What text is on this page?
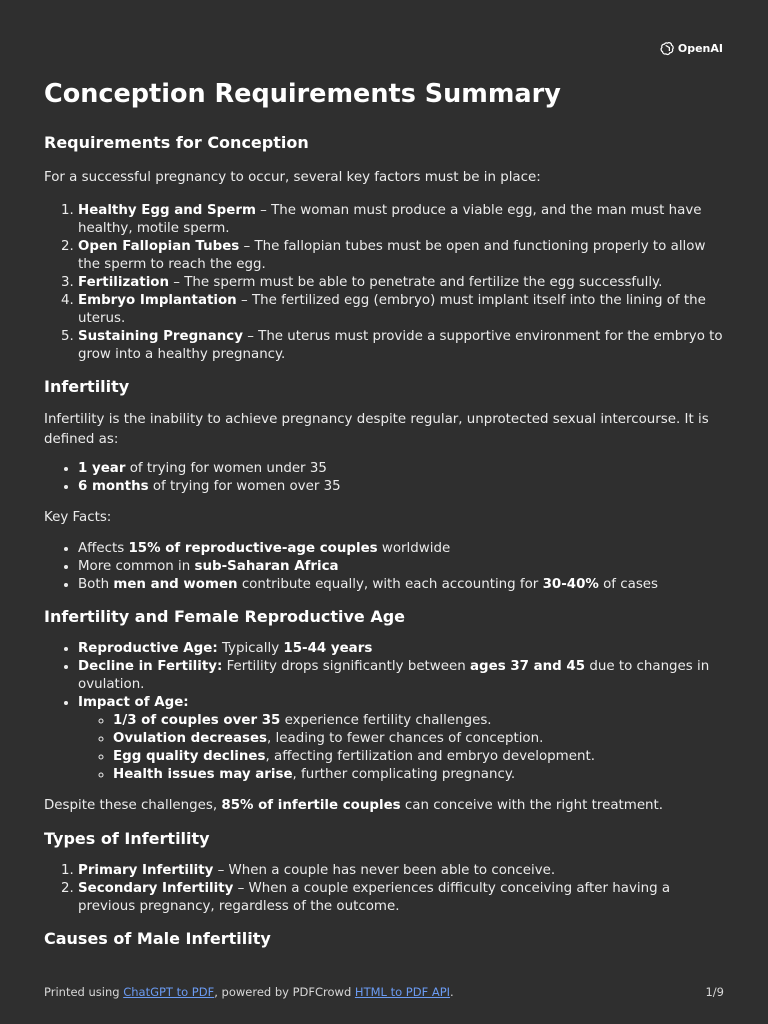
OpenAI
Conception Requirements Summary
Requirements for Conception

For a successful pregnancy to occur, several key factors must be in place:

1. Healthy Egg and Sperm – The woman must produce a viable egg, and the man must have healthy, motile sperm.
2. Open Fallopian Tubes – The fallopian tubes must be open and functioning properly to allow the sperm to reach the egg.
3. Fertilization – The sperm must be able to penetrate and fertilize the egg successfully.
4. Embryo Implantation – The fertilized egg (embryo) must implant itself into the lining of the uterus.
5. Sustaining Pregnancy – The uterus must provide a supportive environment for the embryo to grow into a healthy pregnancy.
Infertility

Infertility is the inability to achieve pregnancy despite regular, unprotected sexual intercourse. It is defined as:

• 1 year of trying for women under 35
• 6 months of trying for women over 35

Key Facts:

• Affects 15% of reproductive-age couples worldwide
• More common in sub-Saharan Africa
• Both men and women contribute equally, with each accounting for 30-40% of cases
Infertility and Female Reproductive Age
• Reproductive Age: Typically 15-44 years
• Decline in Fertility: Fertility drops significantly between ages 37 and 45 due to changes in ovulation.
• Impact of Age:
◦ 1/3 of couples over 35 experience fertility challenges.
◦ Ovulation decreases, leading to fewer chances of conception.
◦ Egg quality declines, affecting fertilization and embryo development.
◦ Health issues may arise, further complicating pregnancy.

Despite these challenges, 85% of infertile couples can conceive with the right treatment.

Types of Infertility
1. Primary Infertility – When a couple has never been able to conceive.
2. Secondary Infertility – When a couple experiences difficulty conceiving after having a previous pregnancy, regardless of the outcome.
Causes of Male Infertility
Printed using ChatGPT to PDF, powered by PDFCrowd HTML to PDF API.	1/9
